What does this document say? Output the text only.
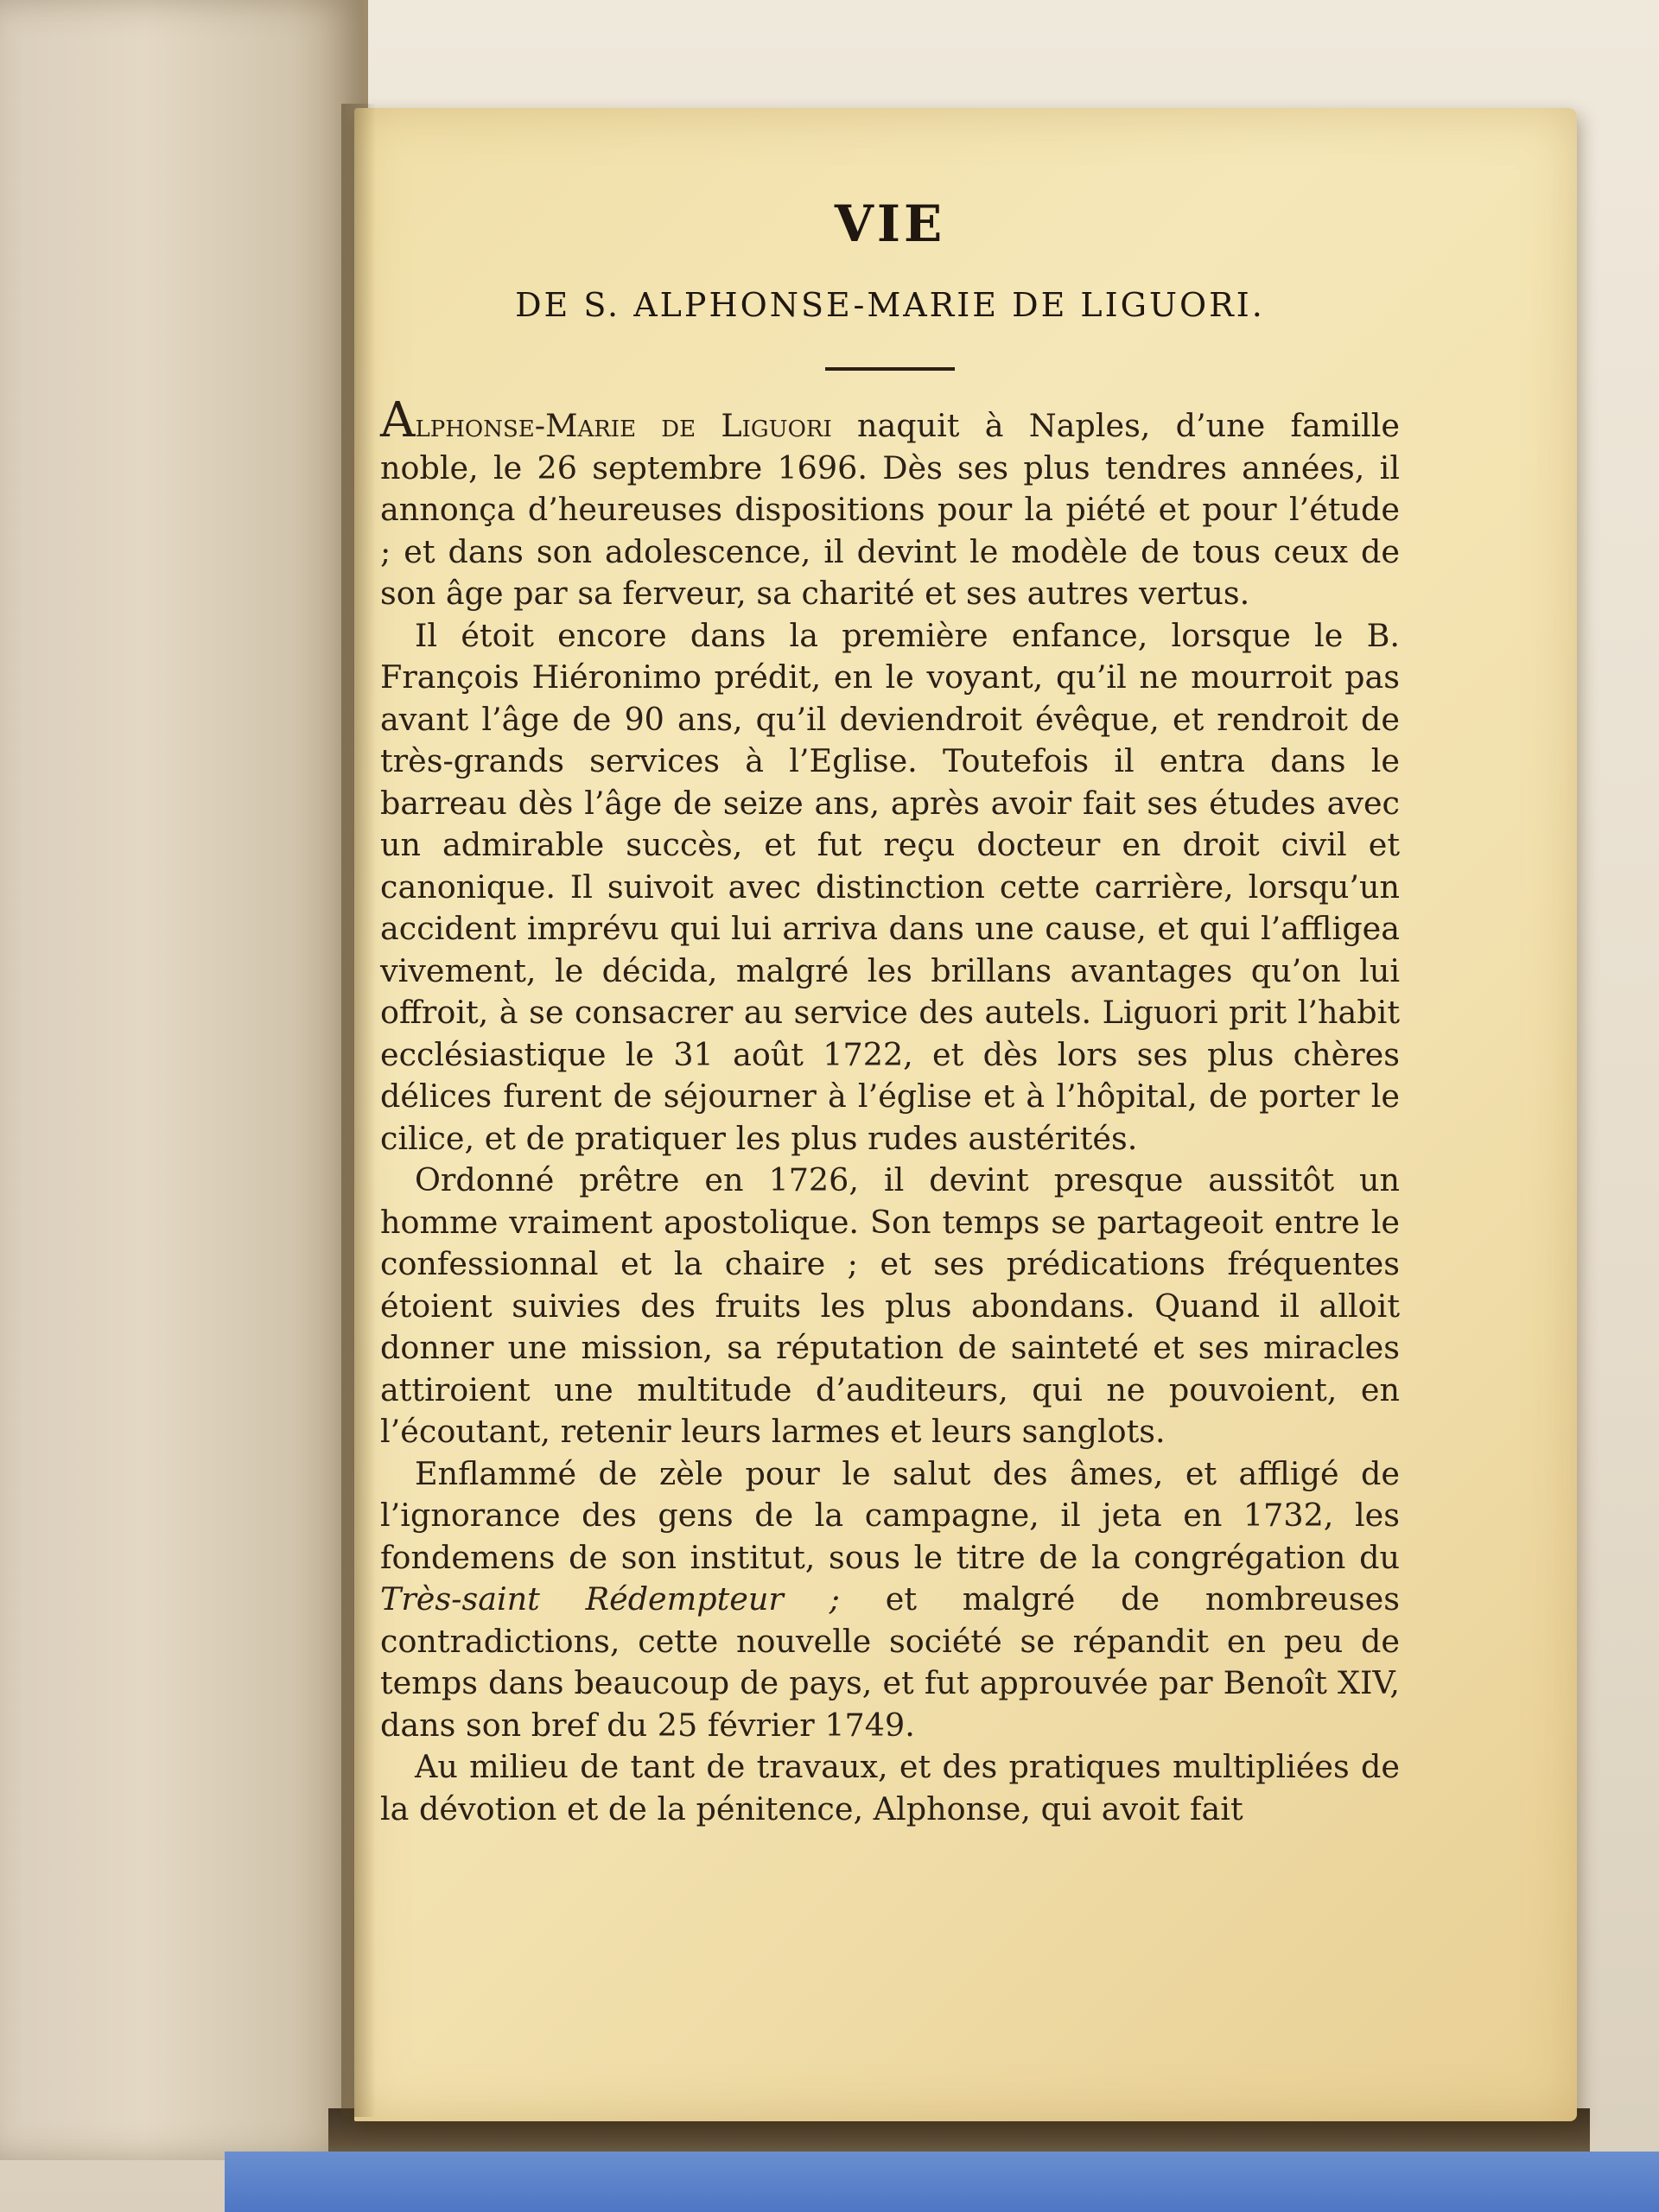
VIE
DE S. ALPHONSE-MARIE DE LIGUORI.

Alphonse-Marie de Liguori naquit à Naples, d’une famille noble, le 26 septembre 1696. Dès ses plus tendres années, il annonça d’heureuses dispositions pour la piété et pour l’étude ; et dans son adolescence, il devint le modèle de tous ceux de son âge par sa ferveur, sa charité et ses autres vertus.

Il étoit encore dans la première enfance, lorsque le B. François Hiéronimo prédit, en le voyant, qu’il ne mourroit pas avant l’âge de 90 ans, qu’il deviendroit évêque, et rendroit de très-grands services à l’Eglise. Toutefois il entra dans le barreau dès l’âge de seize ans, après avoir fait ses études avec un admirable succès, et fut reçu docteur en droit civil et canonique. Il suivoit avec distinction cette carrière, lorsqu’un accident imprévu qui lui arriva dans une cause, et qui l’affligea vivement, le décida, malgré les brillans avantages qu’on lui offroit, à se consacrer au service des autels. Liguori prit l’habit ecclésiastique le 31 août 1722, et dès lors ses plus chères délices furent de séjourner à l’église et à l’hôpital, de porter le cilice, et de pratiquer les plus rudes austérités.

Ordonné prêtre en 1726, il devint presque aussitôt un homme vraiment apostolique. Son temps se partageoit entre le confessionnal et la chaire ; et ses prédications fréquentes étoient suivies des fruits les plus abondans. Quand il alloit donner une mission, sa réputation de sainteté et ses miracles attiroient une multitude d’auditeurs, qui ne pouvoient, en l’écoutant, retenir leurs larmes et leurs sanglots.

Enflammé de zèle pour le salut des âmes, et affligé de l’ignorance des gens de la campagne, il jeta en 1732, les fondemens de son institut, sous le titre de la congrégation du Très-saint Rédempteur ; et malgré de nombreuses contradictions, cette nouvelle société se répandit en peu de temps dans beaucoup de pays, et fut approuvée par Benoît XIV, dans son bref du 25 février 1749.

Au milieu de tant de travaux, et des pratiques multipliées de la dévotion et de la pénitence, Alphonse, qui avoit fait
